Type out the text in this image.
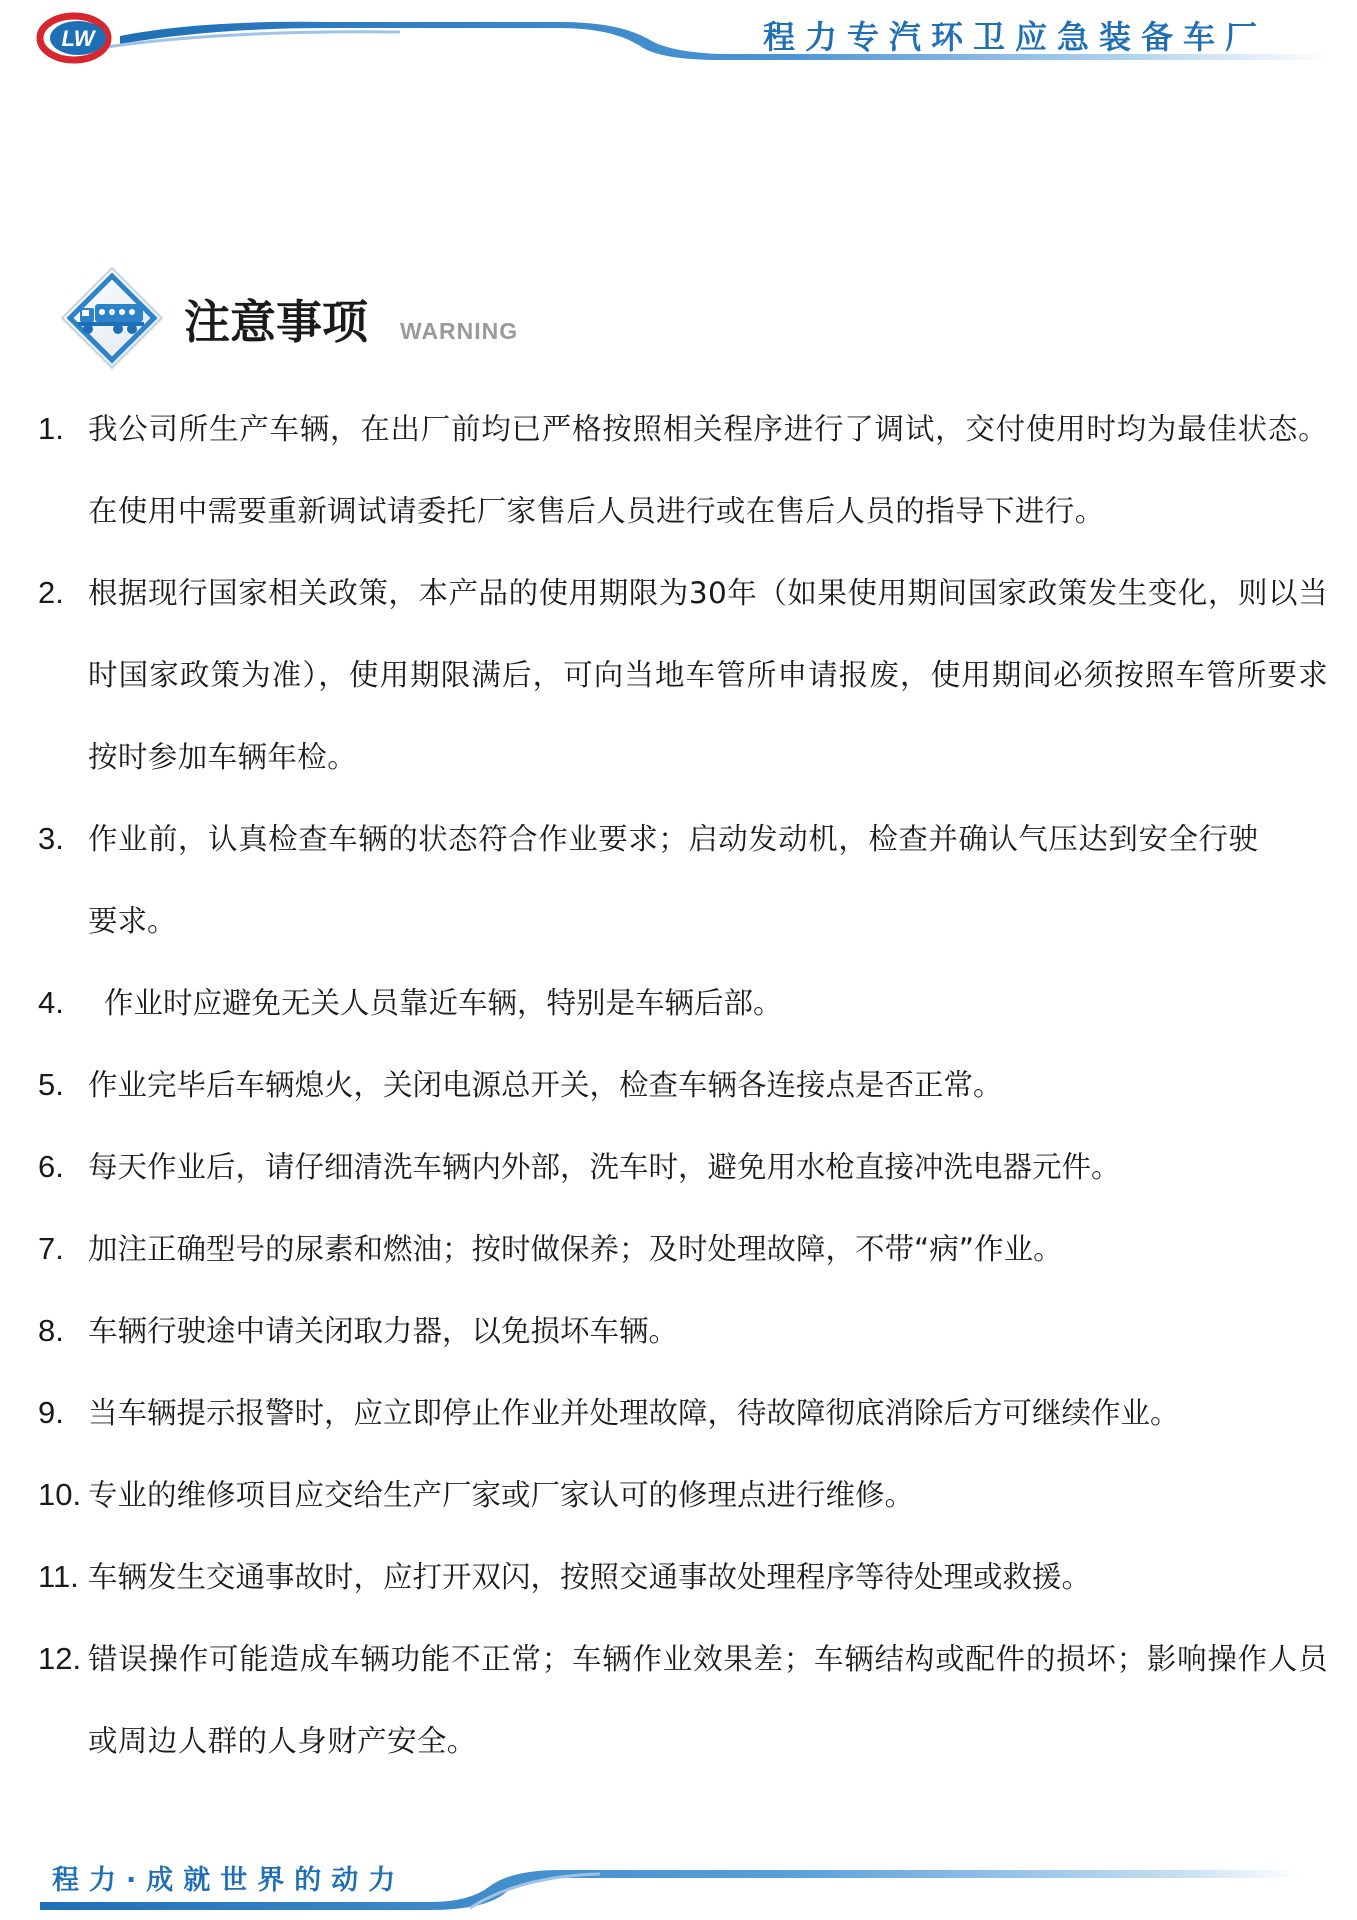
LW	程力专汽环卫应急装备车厂
注意事项 WARNING
1. 我公司所生产车辆，在出厂前均已严格按照相关程序进行了调试，交付使用时均为最佳状态。在使用中需要重新调试请委托厂家售后人员进行或在售后人员的指导下进行。
2. 根据现行国家相关政策，本产品的使用期限为30年（如果使用期间国家政策发生变化，则以当时国家政策为准），使用期限满后，可向当地车管所申请报废，使用期间必须按照车管所要求按时参加车辆年检。
3. 作业前，认真检查车辆的状态符合作业要求；启动发动机，检查并确认气压达到安全行驶要求。
4.	作业时应避免无关人员靠近车辆，特别是车辆后部。
5. 作业完毕后车辆熄火，关闭电源总开关，检查车辆各连接点是否正常。
6. 每天作业后，请仔细清洗车辆内外部，洗车时，避免用水枪直接冲洗电器元件。
7. 加注正确型号的尿素和燃油；按时做保养；及时处理故障，不带“病”作业。
8. 车辆行驶途中请关闭取力器，以免损坏车辆。
9. 当车辆提示报警时，应立即停止作业并处理故障，待故障彻底消除后方可继续作业。
10. 专业的维修项目应交给生产厂家或厂家认可的修理点进行维修。
11. 车辆发生交通事故时，应打开双闪，按照交通事故处理程序等待处理或救援。
12. 错误操作可能造成车辆功能不正常；车辆作业效果差；车辆结构或配件的损坏；影响操作人员或周边人群的人身财产安全。
程力·成就世界的动力
